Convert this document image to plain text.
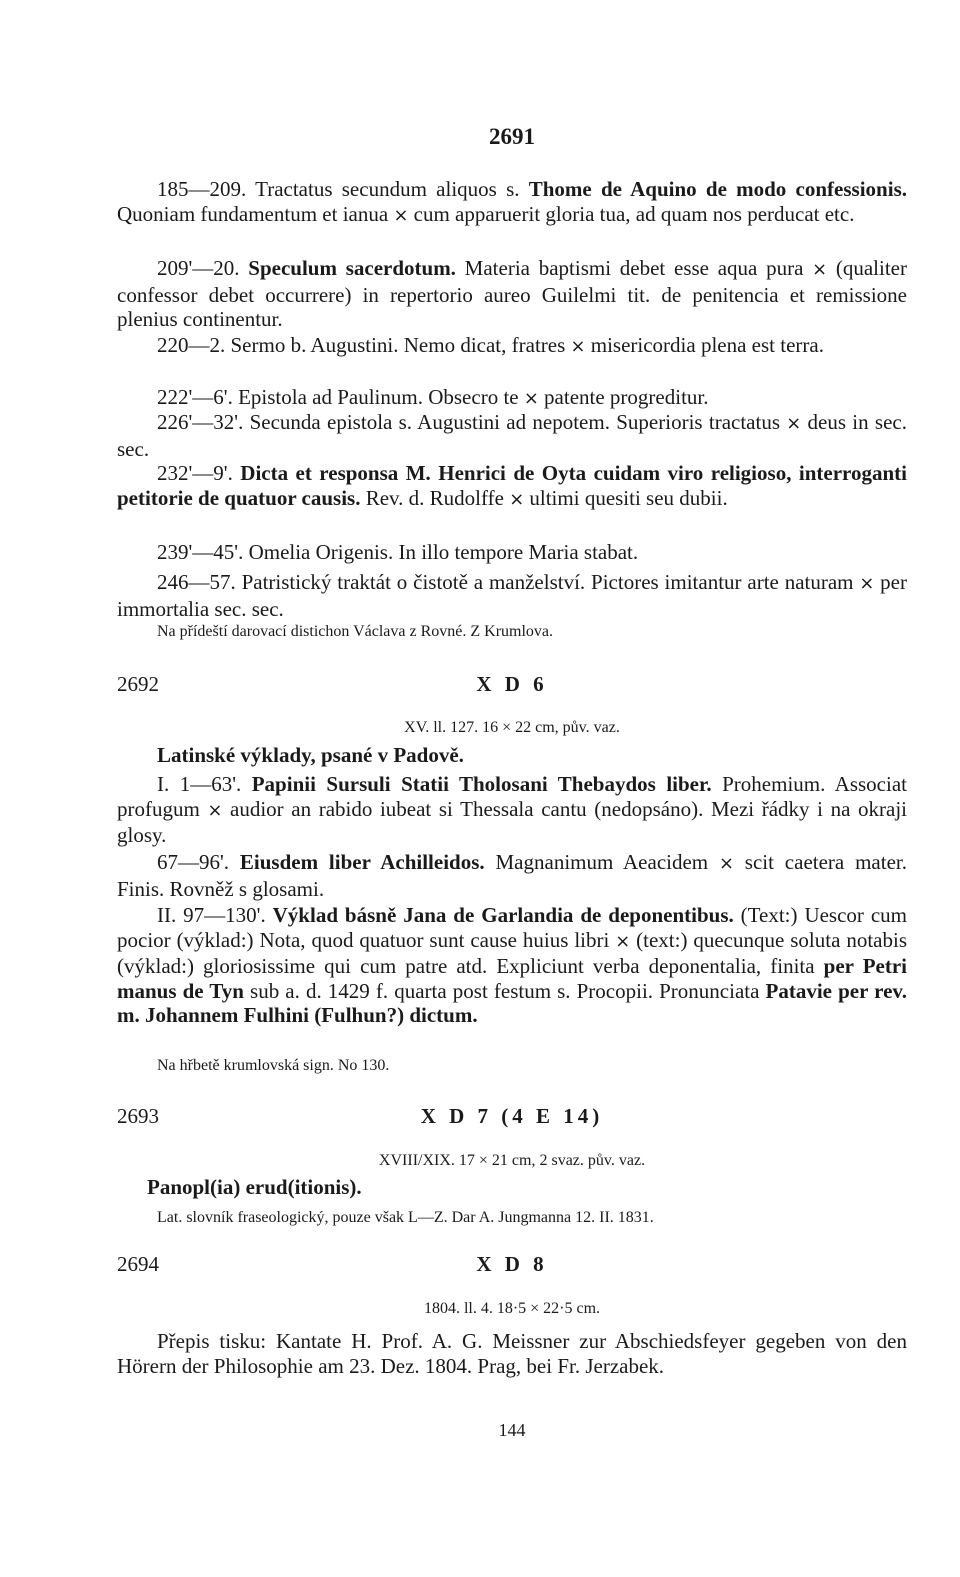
2691

185—209. Tractatus secundum aliquos s. Thome de Aquino de modo confessionis. Quoniam fundamentum et ianua × cum apparuerit gloria tua, ad quam nos perducat etc.

209'—20. Speculum sacerdotum. Materia baptismi debet esse aqua pura × (qualiter confessor debet occurrere) in repertorio aureo Guilelmi tit. de penitencia et remissione plenius continentur.

220—2. Sermo b. Augustini. Nemo dicat, fratres × misericordia plena est terra.

222'—6'. Epistola ad Paulinum. Obsecro te × patente progreditur.

226'—32'. Secunda epistola s. Augustini ad nepotem. Superioris tractatus × deus in sec. sec.

232'—9'. Dicta et responsa M. Henrici de Oyta cuidam viro religioso, interroganti petitorie de quatuor causis. Rev. d. Rudolffe × ultimi quesiti seu dubii.

239'—45'. Omelia Origenis. In illo tempore Maria stabat.

246—57. Patristický traktát o čistotě a manželství. Pictores imitantur arte naturam × per immortalia sec. sec.

Na přídeští darovací distichon Václava z Rovné. Z Krumlova.

2692	X D 6
XV. ll. 127. 16 × 22 cm, pův. vaz.

Latinské výklady, psané v Padově.

I. 1—63'. Papinii Sursuli Statii Tholosani Thebaydos liber. Prohemium. Associat profugum × audior an rabido iubeat si Thessala cantu (nedopsáno). Mezi řádky i na okraji glosy.

67—96'. Eiusdem liber Achilleidos. Magnanimum Aeacidem × scit caetera mater. Finis. Rovněž s glosami.

II. 97—130'. Výklad básně Jana de Garlandia de deponentibus. (Text:) Uescor cum pocior (výklad:) Nota, quod quatuor sunt cause huius libri × (text:) quecunque soluta notabis (výklad:) gloriosissime qui cum patre atd. Expliciunt verba deponentalia, finita per Petri manus de Tyn sub a. d. 1429 f. quarta post festum s. Procopii. Pronunciata Patavie per rev. m. Johannem Fulhini (Fulhun?) dictum.

Na hřbetě krumlovská sign. No 130.

2693	X D 7 (4 E 14)
XVIII/XIX. 17 × 21 cm, 2 svaz. pův. vaz.

Panopl(ia) erud(itionis).

Lat. slovník fraseologický, pouze však L—Z. Dar A. Jungmanna 12. II. 1831.

2694	X D 8
1804. ll. 4. 18·5 × 22·5 cm.

Přepis tisku: Kantate H. Prof. A. G. Meissner zur Abschiedsfeyer gegeben von den Hörern der Philosophie am 23. Dez. 1804. Prag, bei Fr. Jerzabek.

144
